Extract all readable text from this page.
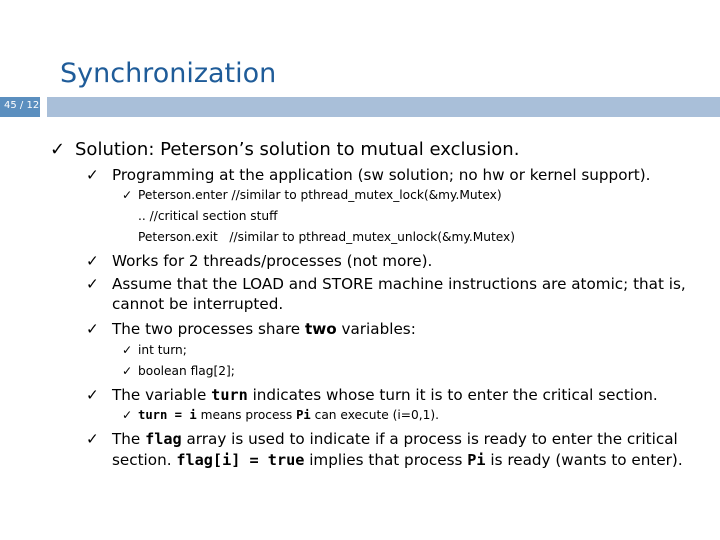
Synchronization
45 / 128
✓ Solution: Peterson’s solution to mutual exclusion.
✓ Programming at the application (sw solution; no hw or kernel support).
✓ Peterson.enter //similar to pthread_mutex_lock(&my.Mutex)
.. //critical section stuff
Peterson.exit   //similar to pthread_mutex_unlock(&my.Mutex)
✓ Works for 2 threads/processes (not more).
✓ Assume that the LOAD and STORE machine instructions are atomic; that is,
cannot be interrupted.
✓ The two processes share two variables:
✓ int turn;
✓ boolean flag[2];
✓ The variable turn indicates whose turn it is to enter the critical section.
✓ turn = i means process Pi can execute (i=0,1).
✓ The flag array is used to indicate if a process is ready to enter the critical
section. flag[i] = true implies that process Pi is ready (wants to enter).
